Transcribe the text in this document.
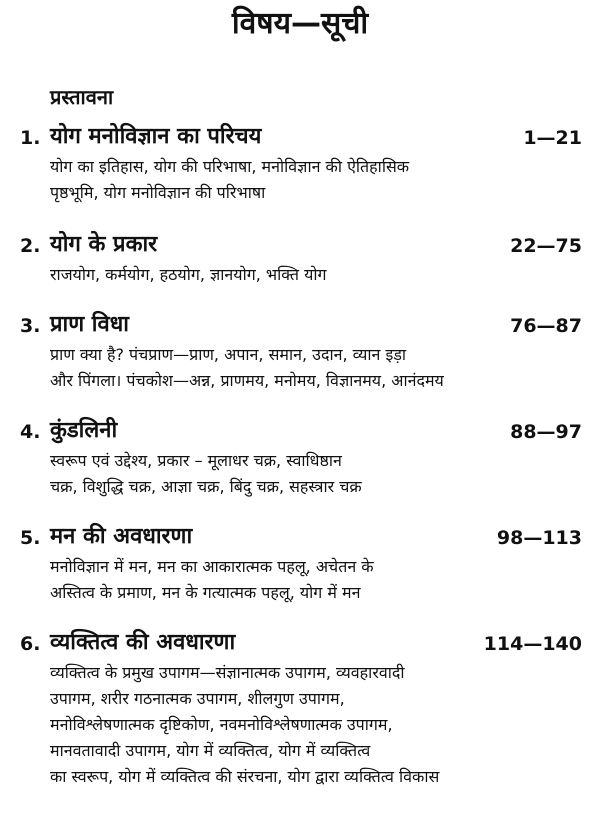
विषय—सूची
प्रस्तावना
1. योग मनोविज्ञान का परिचय	1—21
योग का इतिहास, योग की परिभाषा, मनोविज्ञान की ऐतिहासिक
पृष्ठभूमि, योग मनोविज्ञान की परिभाषा
2. योग के प्रकार	22—75
राजयोग, कर्मयोग, हठयोग, ज्ञानयोग, भक्ति योग
3. प्राण विधा	76—87
प्राण क्या है? पंचप्राण—प्राण, अपान, समान, उदान, व्यान इड़ा
और पिंगला। पंचकोश—अन्न, प्राणमय, मनोमय, विज्ञानमय, आनंदमय
4. कुंडलिनी	88—97
स्वरूप एवं उद्देश्य, प्रकार – मूलाधर चक्र, स्वाधिष्ठान
चक्र, विशुद्धि चक्र, आज्ञा चक्र, बिंदु चक्र, सहस्त्रार चक्र
5. मन की अवधारणा	98—113
मनोविज्ञान में मन, मन का आकारात्मक पहलू, अचेतन के
अस्तित्व के प्रमाण, मन के गत्यात्मक पहलू, योग में मन
6. व्यक्तित्व की अवधारणा	114—140
व्यक्तित्व के प्रमुख उपागम—संज्ञानात्मक उपागम, व्यवहारवादी
उपागम, शरीर गठनात्मक उपागम, शीलगुण उपागम,
मनोविश्लेषणात्मक दृष्टिकोण, नवमनोविश्लेषणात्मक उपागम,
मानवतावादी उपागम, योग में व्यक्तित्व, योग में व्यक्तित्व
का स्वरूप, योग में व्यक्तित्व की संरचना, योग द्वारा व्यक्तित्व विकास
